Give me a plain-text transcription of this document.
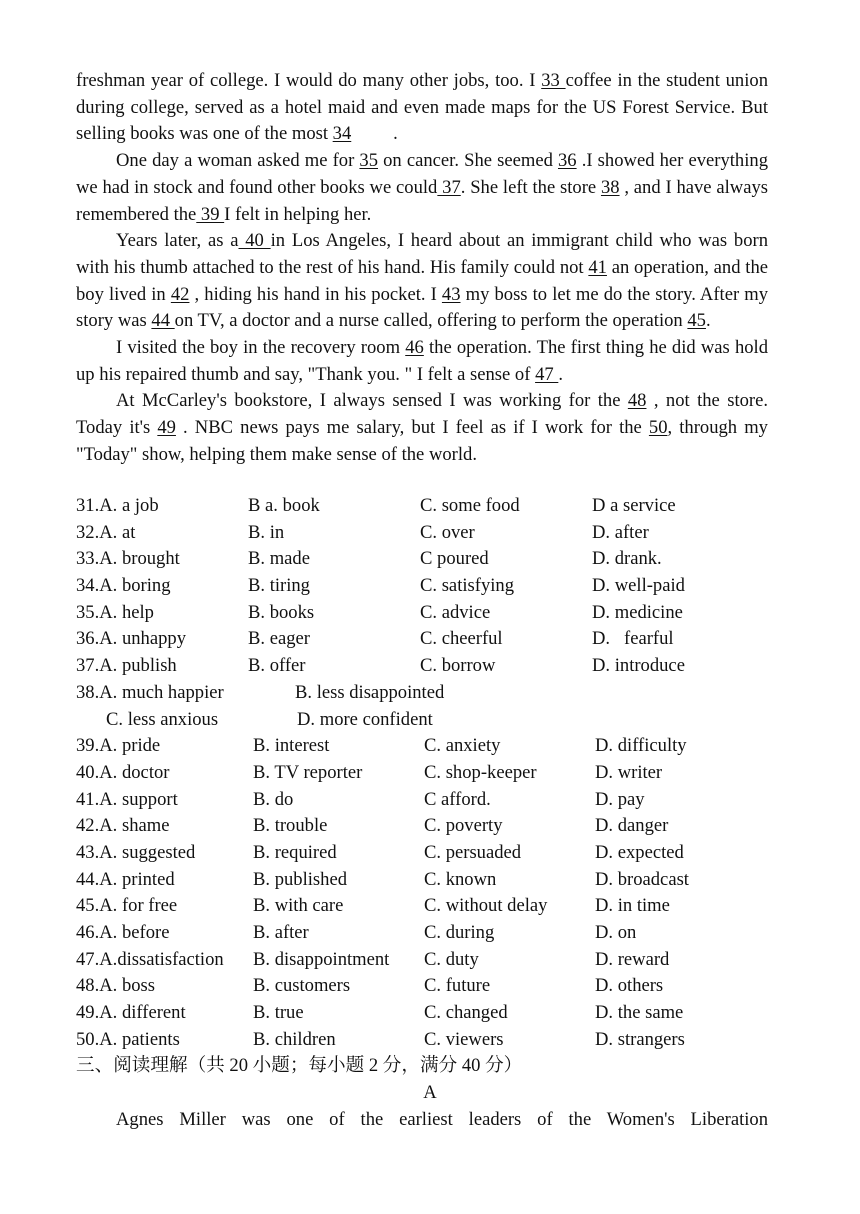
freshman year of college. I would do many other jobs, too. I 33 coffee in the student union during college, served as a hotel maid and even made maps for the US Forest Service. But selling books was one of the most 34         .

One day a woman asked me for 35 on cancer. She seemed 36 .I showed her everything we had in stock and found other books we could 37. She left the store 38 , and I have always remembered the 39 I felt in helping her.

Years later, as a 40 in Los Angeles, I heard about an immigrant child who was born with his thumb attached to the rest of his hand. His family could not 41 an operation, and the boy lived in 42 , hiding his hand in his pocket. I 43 my boss to let me do the story. After my story was 44 on TV, a doctor and a nurse called, offering to perform the operation 45.

I visited the boy in the recovery room 46 the operation. The first thing he did was hold up his repaired thumb and say, "Thank you. " I felt a sense of 47 .

At McCarley's bookstore, I always sensed I was working for the 48 , not the store. Today it's 49 . NBC news pays me salary, but I feel as if I work for the 50, through my "Today" show, helping them make sense of the world.

31.A. a job	B a. book	C. some food	D a service
32.A. at	B. in	C. over	D. after
33.A. brought	B. made	C poured	D. drank.
34.A. boring	B. tiring	C. satisfying	D. well-paid
35.A. help	B. books	C. advice	D. medicine
36.A. unhappy	B. eager	C. cheerful	D.   fearful
37.A. publish	B. offer	C. borrow	D. introduce
38.A. much happier	B. less disappointed
C. less anxious	D. more confident
39.A. pride	B. interest	C. anxiety	D. difficulty
40.A. doctor	B. TV reporter	C. shop-keeper	D. writer
41.A. support	B. do	C afford.	D. pay
42.A. shame	B. trouble	C. poverty	D. danger
43.A. suggested	B. required	C. persuaded	D. expected
44.A. printed	B. published	C. known	D. broadcast
45.A. for free	B. with care	C. without delay	D. in time
46.A. before	B. after	C. during	D. on
47.A.dissatisfaction B. disappointment C. duty	D. reward
48.A. boss	B. customers	C. future	D. others
49.A. different	B. true	C. changed	D. the same
50.A. patients	B. children	C. viewers	D. strangers
三、阅读理解（共 20 小题；每小题 2 分，满分 40 分）
A
Agnes Miller was one of the earliest leaders of the Women's Liberation
